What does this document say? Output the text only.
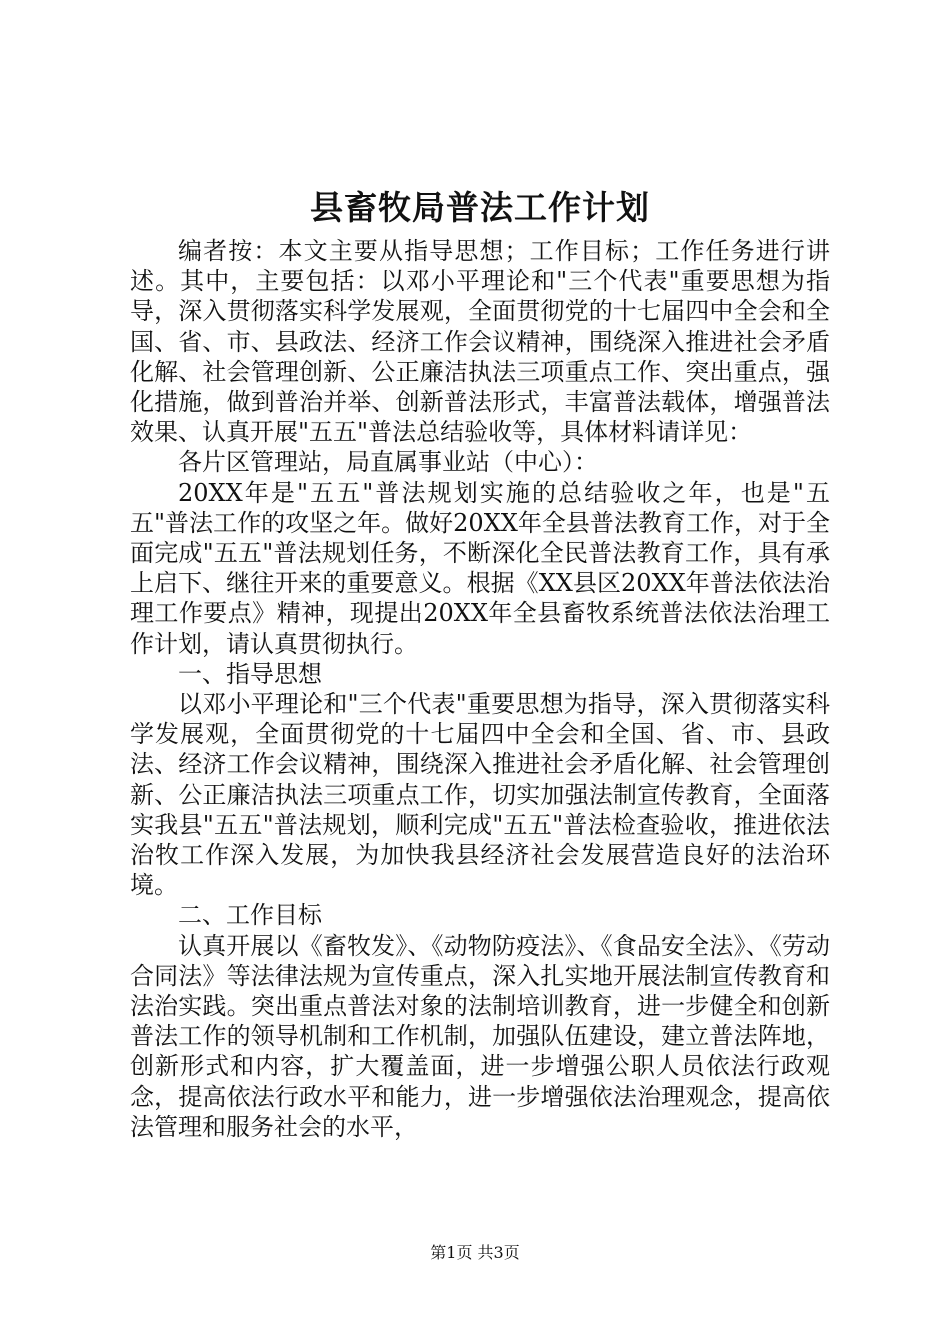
县畜牧局普法工作计划

编者按：本文主要从指导思想；工作目标；工作任务进行讲述。其中，主要包括：以邓小平理论和"三个代表"重要思想为指导，深入贯彻落实科学发展观，全面贯彻党的十七届四中全会和全国、省、市、县政法、经济工作会议精神，围绕深入推进社会矛盾化解、社会管理创新、公正廉洁执法三项重点工作、突出重点，强化措施，做到普治并举、创新普法形式，丰富普法载体，增强普法效果、认真开展"五五"普法总结验收等，具体材料请详见：

各片区管理站，局直属事业站（中心）：

20XX年是"五五"普法规划实施的总结验收之年，也是"五五"普法工作的攻坚之年。做好20XX年全县普法教育工作，对于全面完成"五五"普法规划任务，不断深化全民普法教育工作，具有承上启下、继往开来的重要意义。根据《XX县区20XX年普法依法治理工作要点》精神，现提出20XX年全县畜牧系统普法依法治理工作计划，请认真贯彻执行。

一、指导思想

以邓小平理论和"三个代表"重要思想为指导，深入贯彻落实科学发展观，全面贯彻党的十七届四中全会和全国、省、市、县政法、经济工作会议精神，围绕深入推进社会矛盾化解、社会管理创新、公正廉洁执法三项重点工作，切实加强法制宣传教育，全面落实我县"五五"普法规划，顺利完成"五五"普法检查验收，推进依法治牧工作深入发展，为加快我县经济社会发展营造良好的法治环境。

二、工作目标

认真开展以《畜牧发》、《动物防疫法》、《食品安全法》、《劳动合同法》等法律法规为宣传重点，深入扎实地开展法制宣传教育和法治实践。突出重点普法对象的法制培训教育，进一步健全和创新普法工作的领导机制和工作机制，加强队伍建设，建立普法阵地，创新形式和内容，扩大覆盖面，进一步增强公职人员依法行政观念，提高依法行政水平和能力，进一步增强依法治理观念，提高依法管理和服务社会的水平，

第1页 共3页
